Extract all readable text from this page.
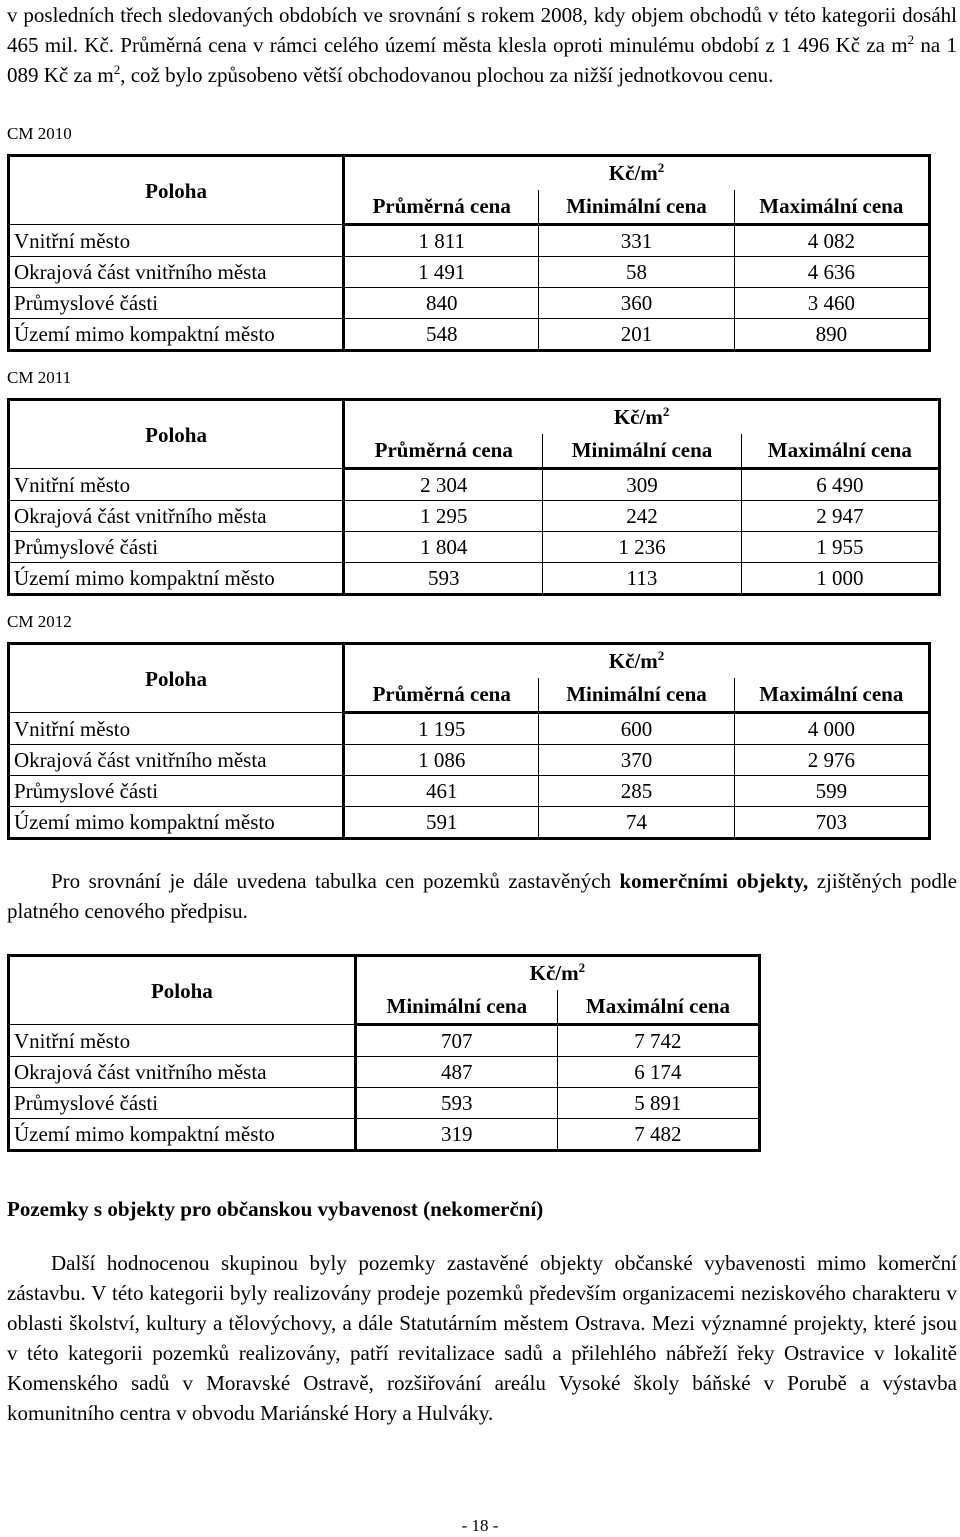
v posledních třech sledovaných obdobích ve srovnání s rokem 2008, kdy objem obchodů v této kategorii dosáhl 465 mil. Kč. Průměrná cena v rámci celého území města klesla oproti minulému období z 1 496 Kč za $m^2$ na 1 089 Kč za $m^2$, což bylo způsobeno větší obchodovanou plochou za nižší jednotkovou cenu.

CM 2010
Poloha	$Kč/m^2$
	Průměrná cena	Minimální cena	Maximální cena
Vnitřní město	1 811	331	4 082
Okrajová část vnitřního města	1 491	58	4 636
Průmyslové části	840	360	3 460
Území mimo kompaktní město	548	201	890
CM 2011
Poloha	$Kč/m^2$
	Průměrná cena	Minimální cena	Maximální cena
Vnitřní město	2 304	309	6 490
Okrajová část vnitřního města	1 295	242	2 947
Průmyslové části	1 804	1 236	1 955
Území mimo kompaktní město	593	113	1 000
CM 2012
Poloha	$Kč/m^2$
	Průměrná cena	Minimální cena	Maximální cena
Vnitřní město	1 195	600	4 000
Okrajová část vnitřního města	1 086	370	2 976
Průmyslové části	461	285	599
Území mimo kompaktní město	591	74	703

Pro srovnání je dále uvedena tabulka cen pozemků zastavěných komerčními objekty, zjištěných podle platného cenového předpisu.

Poloha	$Kč/m^2$
	Minimální cena	Maximální cena
Vnitřní město	707	7 742
Okrajová část vnitřního města	487	6 174
Průmyslové části	593	5 891
Území mimo kompaktní město	319	7 482
Pozemky s objekty pro občanskou vybavenost (nekomerční)

Další hodnocenou skupinou byly pozemky zastavěné objekty občanské vybavenosti mimo komerční zástavbu. V této kategorii byly realizovány prodeje pozemků především organizacemi neziskového charakteru v oblasti školství, kultury a tělovýchovy, a dále Statutárním městem Ostrava. Mezi významné projekty, které jsou v této kategorii pozemků realizovány, patří revitalizace sadů a přilehlého nábřeží řeky Ostravice v lokalitě Komenského sadů v Moravské Ostravě, rozšiřování areálu Vysoké školy báňské v Porubě a výstavba komunitního centra v obvodu Mariánské Hory a Hulváky.

- 18 -
